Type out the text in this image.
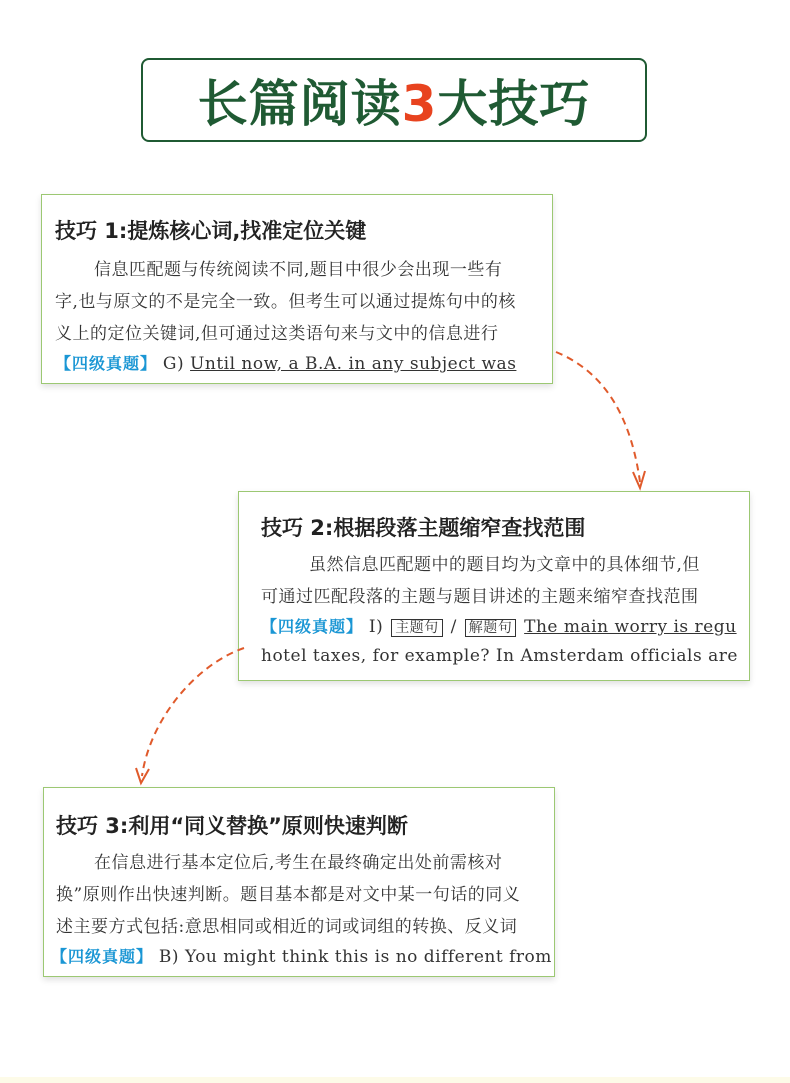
长篇阅读3大技巧
技巧 1:提炼核心词,找准定位关键
信息匹配题与传统阅读不同,题目中很少会出现一些有
字,也与原文的不是完全一致。但考生可以通过提炼句中的核
义上的定位关键词,但可通过这类语句来与文中的信息进行
【四级真题】 G) Until now, a B.A. in any subject was
技巧 2:根据段落主题缩窄查找范围
虽然信息匹配题中的题目均为文章中的具体细节,但
可通过匹配段落的主题与题目讲述的主题来缩窄查找范围
【四级真题】 I) 主题句 / 解题句 The main worry is regu
hotel taxes, for example? In Amsterdam officials are
技巧 3:利用“同义替换”原则快速判断
在信息进行基本定位后,考生在最终确定出处前需核对
换”原则作出快速判断。题目基本都是对文中某一句话的同义
述主要方式包括:意思相同或相近的词或词组的转换、反义词
【四级真题】 B) You might think this is no different from
